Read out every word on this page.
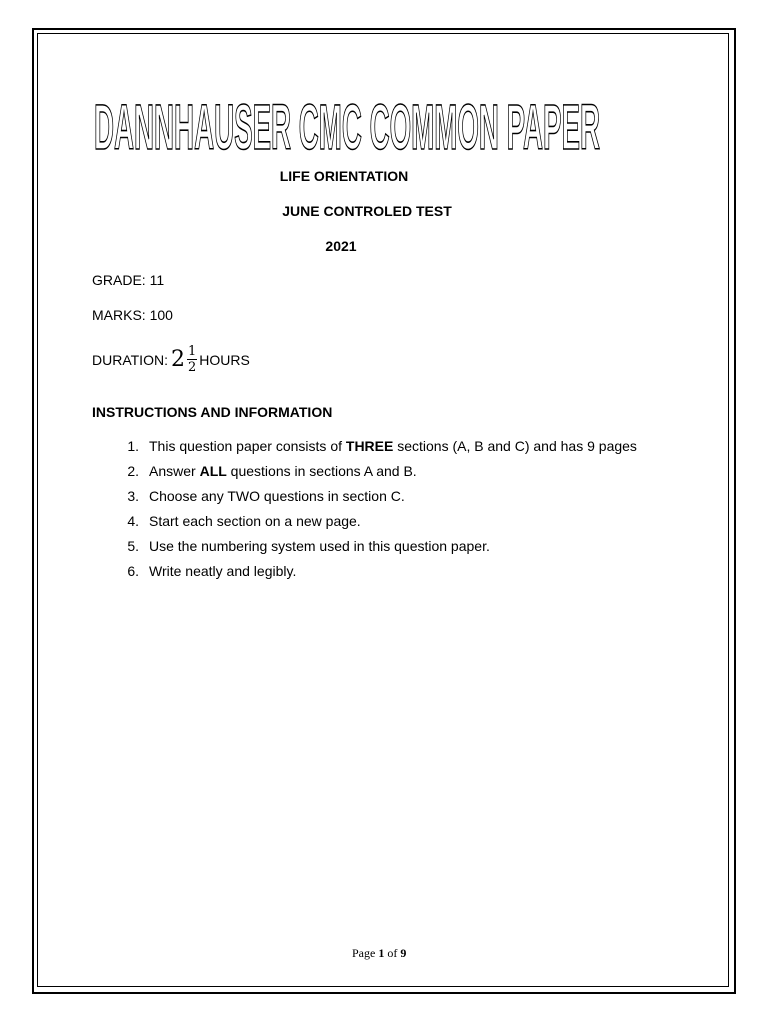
DANNHAUSER CMC COMMON PAPER
LIFE ORIENTATION
JUNE CONTROLED TEST
2021
GRADE: 11
MARKS: 100
DURATION: $2 \frac{1}{2}$ HOURS
INSTRUCTIONS AND INFORMATION
1. This question paper consists of THREE sections (A, B and C) and has 9 pages
2. Answer ALL questions in sections A and B.
3. Choose any TWO questions in section C.
4. Start each section on a new page.
5. Use the numbering system used in this question paper.
6. Write neatly and legibly.
Page 1 of 9
